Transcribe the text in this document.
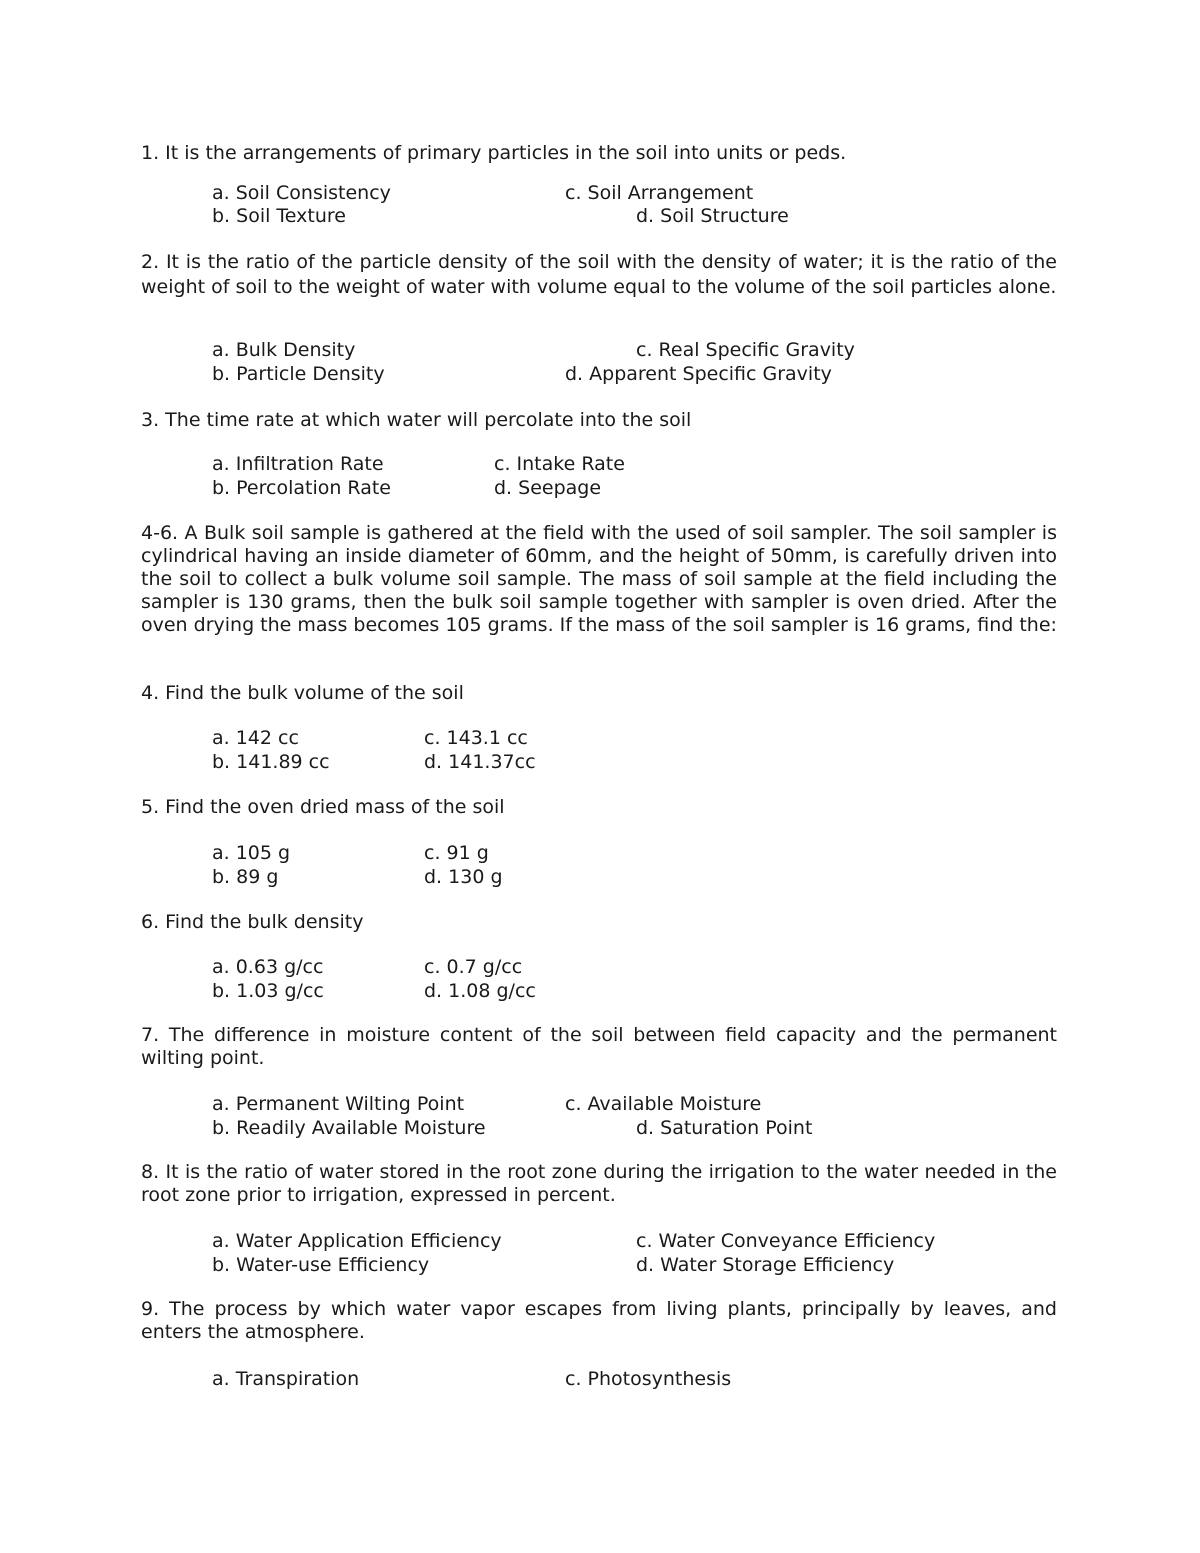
1. It is the arrangements of primary particles in the soil into units or peds.
a. Soil Consistency
b. Soil Texture
c. Soil Arrangement
d. Soil Structure
2. It is the ratio of the particle density of the soil with the density of water; it is the ratio of the weight of soil to the weight of water with volume equal to the volume of the soil particles alone.
a. Bulk Density
b. Particle Density
c. Real Specific Gravity
d. Apparent Specific Gravity
3. The time rate at which water will percolate into the soil
a. Infiltration Rate
b. Percolation Rate
c. Intake Rate
d. Seepage
4-6. A Bulk soil sample is gathered at the field with the used of soil sampler. The soil sampler is cylindrical having an inside diameter of 60mm, and the height of 50mm, is carefully driven into the soil to collect a bulk volume soil sample. The mass of soil sample at the field including the sampler is 130 grams, then the bulk soil sample together with sampler is oven dried. After the oven drying the mass becomes 105 grams. If the mass of the soil sampler is 16 grams, find the:
4. Find the bulk volume of the soil
a. 142 cc
b. 141.89 cc
c. 143.1 cc
d. 141.37cc
5. Find the oven dried mass of the soil
a. 105 g
b. 89 g
c. 91 g
d. 130 g
6. Find the bulk density
a. 0.63 g/cc
b. 1.03 g/cc
c. 0.7 g/cc
d. 1.08 g/cc
7. The difference in moisture content of the soil between field capacity and the permanent wilting point.
a. Permanent Wilting Point
b. Readily Available Moisture
c. Available Moisture
d. Saturation Point
8. It is the ratio of water stored in the root zone during the irrigation to the water needed in the root zone prior to irrigation, expressed in percent.
a. Water Application Efficiency
b. Water-use Efficiency
c. Water Conveyance Efficiency
d. Water Storage Efficiency
9. The process by which water vapor escapes from living plants, principally by leaves, and enters the atmosphere.
a. Transpiration	c. Photosynthesis
